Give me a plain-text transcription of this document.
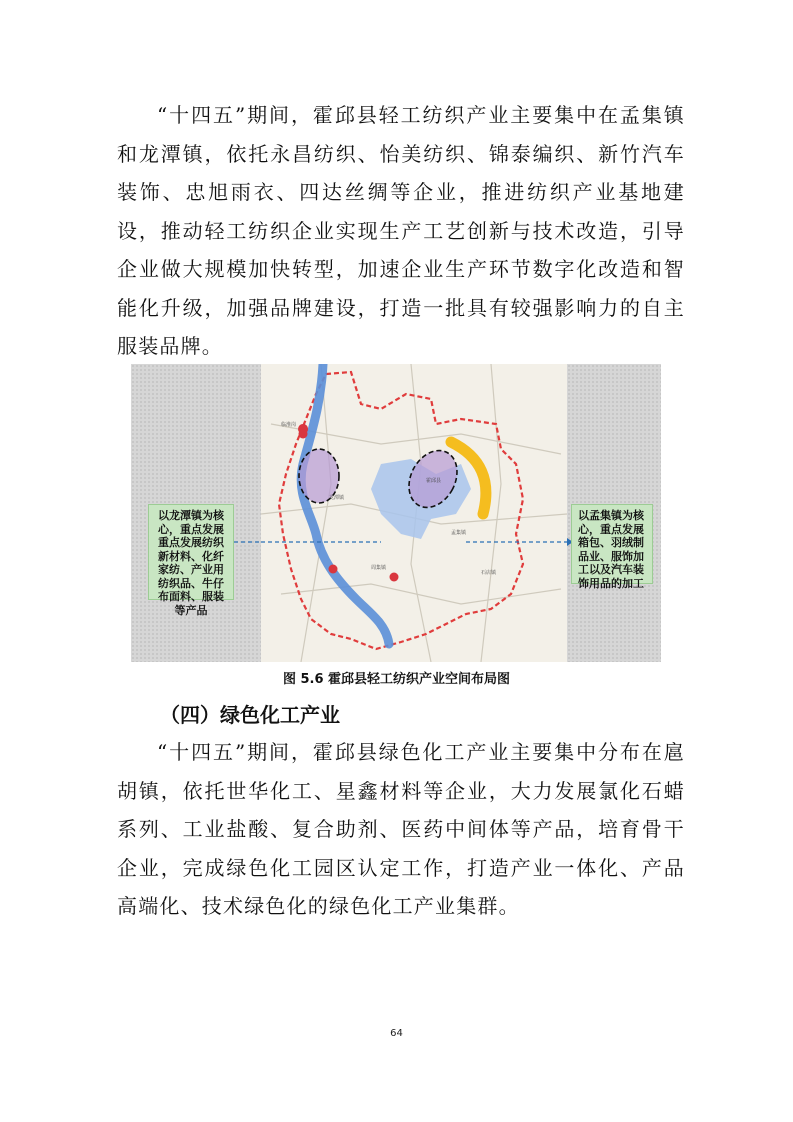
“十四五”期间，霍邱县轻工纺织产业主要集中在孟集镇和龙潭镇，依托永昌纺织、怡美纺织、锦泰编织、新竹汽车装饰、忠旭雨衣、四达丝绸等企业，推进纺织产业基地建设，推动轻工纺织企业实现生产工艺创新与技术改造，引导企业做大规模加快转型，加速企业生产环节数字化改造和智能化升级，加强品牌建设，打造一批具有较强影响力的自主服装品牌。

临淮岗
龙潭镇
霍邱县
孟集镇
周集镇
石店镇
以龙潭镇为核心，重点发展重点发展纺织新材料、化纤家纺、产业用纺织品、牛仔布面料、服装等产品
以孟集镇为核心，重点发展箱包、羽绒制品业、服饰加工以及汽车装饰用品的加工
图 5.6 霍邱县轻工纺织产业空间布局图
（四）绿色化工产业

“十四五”期间，霍邱县绿色化工产业主要集中分布在扈胡镇，依托世华化工、星鑫材料等企业，大力发展氯化石蜡系列、工业盐酸、复合助剂、医药中间体等产品，培育骨干企业，完成绿色化工园区认定工作，打造产业一体化、产品高端化、技术绿色化的绿色化工产业集群。

64
